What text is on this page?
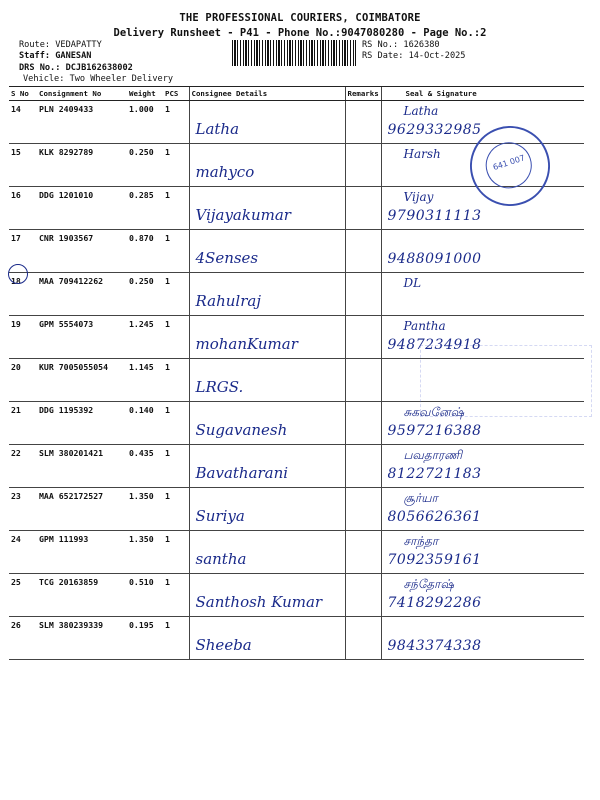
THE PROFESSIONAL COURIERS, COIMBATORE
Delivery Runsheet - P41 - Phone No.:9047080280 - Page No.:2
Route: VEDAPATTY
Staff: GANESAN
DRS No.: DCJB162638002
Vehicle: Two Wheeler Delivery
RS No.: 1626380
RS Date: 14-Oct-2025
S No	Consignment No	Weight	PCS	Consignee Details	Remarks	Seal & Signature
14	PLN 2409433	1.000	1	Latha		Latha
9629332985

15	KLK 8292789	0.250	1	mahyco		Harsh

16	DDG 1201010	0.285	1	Vijayakumar		Vijay
9790311113

17	CNR 1903567	0.870	1	4Senses		9488091000

18	MAA 709412262	0.250	1	Rahulraj		DL

19	GPM 5554073	1.245	1	mohanKumar		Pantha
9487234918

20	KUR 7005055054	1.145	1	LRGS.		

21	DDG 1195392	0.140	1	Sugavanesh		சுகவனேஷ்
9597216388

22	SLM 380201421	0.435	1	Bavatharani		பவதாரணி
8122721183

23	MAA 652172527	1.350	1	Suriya		சூர்யா
8056626361

24	GPM 111993	1.350	1	santha		சாந்தா
7092359161

25	TCG 20163859	0.510	1	Santhosh Kumar		சந்தோஷ்
7418292286

26	SLM 380239339	0.195	1	Sheeba		9843374338
641 007
